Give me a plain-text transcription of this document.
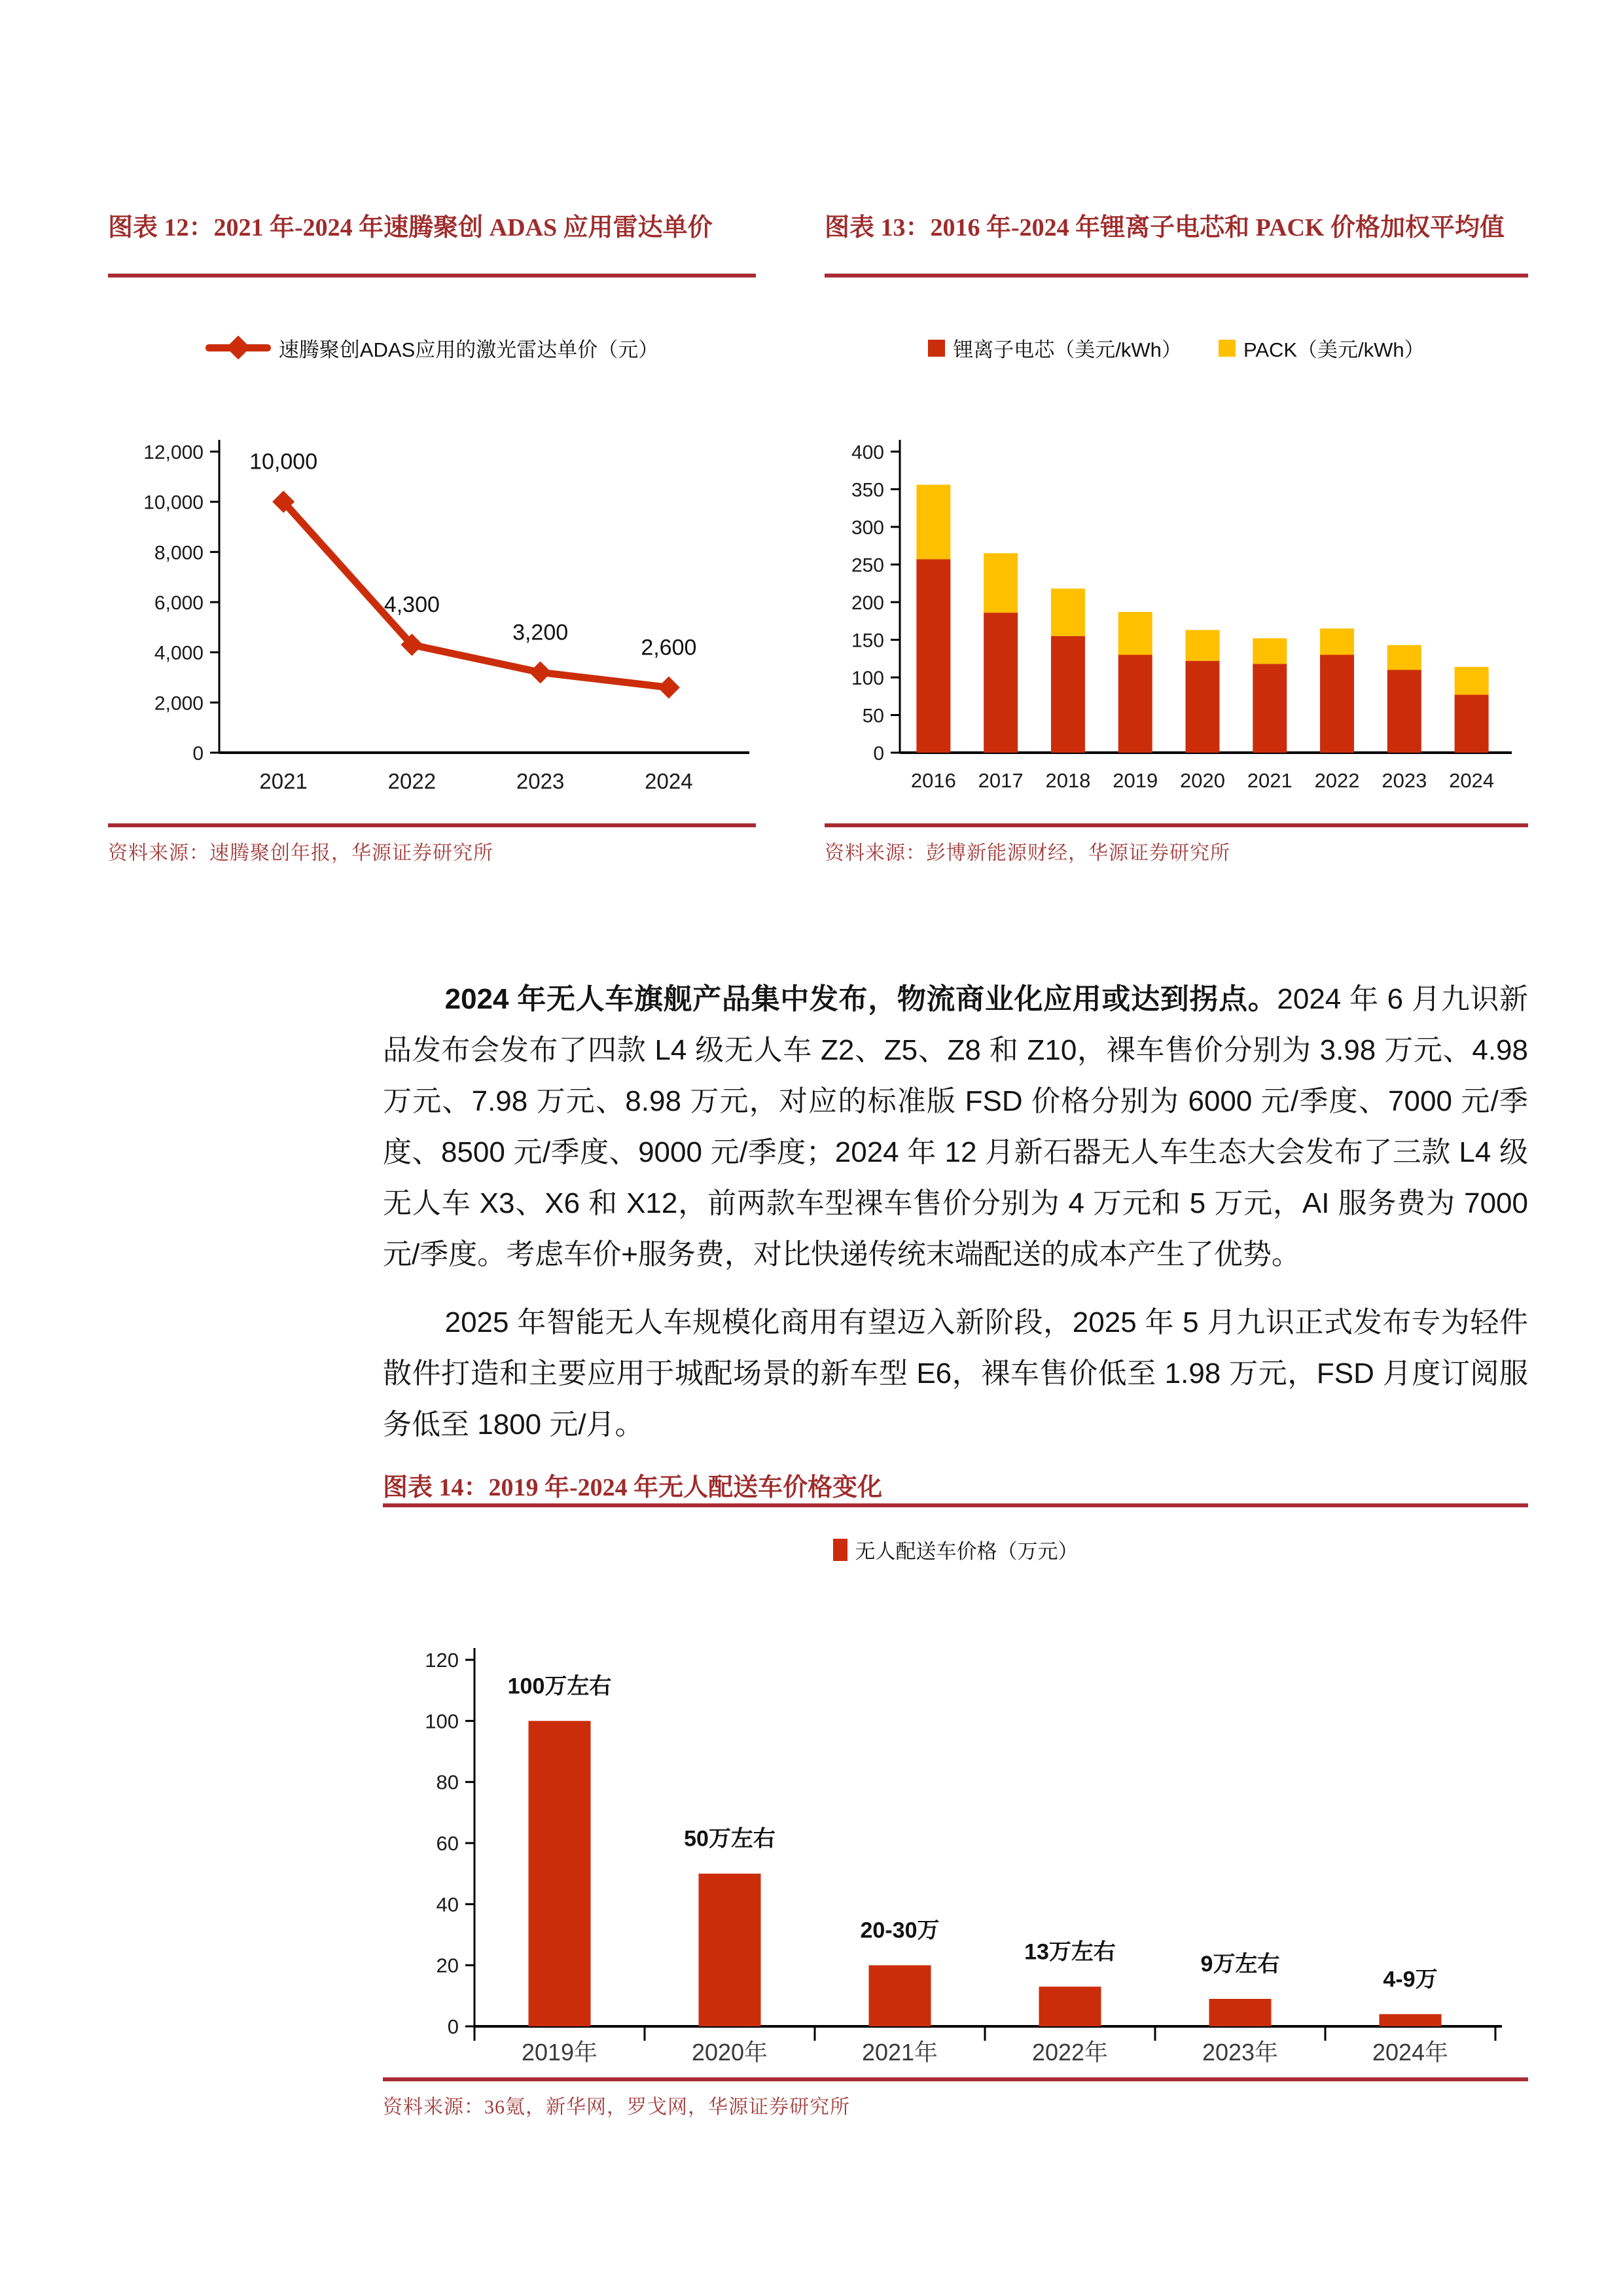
图表 12：2021 年-2024 年速腾聚创 ADAS 应用雷达单价
速腾聚创ADAS应用的激光雷达单价（元）
0
2,000
4,000
6,000
8,000
10,000
12,000
2021	2022	2023	2024
10,000
4,300
3,200
2,600
资料来源：速腾聚创年报，华源证券研究所
图表 13：2016 年-2024 年锂离子电芯和 PACK 价格加权平均值
锂离子电芯（美元/kWh）	PACK（美元/kWh）
0
50
100
150
200
250
300
350
400
2016 2017 2018 2019 2020 2021 2022 2023 2024
资料来源：彭博新能源财经，华源证券研究所

2024 年无人车旗舰产品集中发布，物流商业化应用或达到拐点。2024 年 6 月九识新品发布会发布了四款 L4 级无人车 Z2、Z5、Z8 和 Z10，裸车售价分别为 3.98 万元、4.98 万元、7.98 万元、8.98 万元，对应的标准版 FSD 价格分别为 6000 元/季度、7000 元/季度、8500 元/季度、9000 元/季度；2024 年 12 月新石器无人车生态大会发布了三款 L4 级无人车 X3、X6 和 X12，前两款车型裸车售价分别为 4 万元和 5 万元，AI 服务费为 7000 元/季度。考虑车价+服务费，对比快递传统末端配送的成本产生了优势。

2025 年智能无人车规模化商用有望迈入新阶段，2025 年 5 月九识正式发布专为轻件散件打造和主要应用于城配场景的新车型 E6，裸车售价低至 1.98 万元，FSD 月度订阅服务低至 1800 元/月。

图表 14：2019 年-2024 年无人配送车价格变化
无人配送车价格（万元）
0
20
40
60
80
100
120
2019年	2020年	2021年	2022年	2023年	2024年
100万左右
50万左右
20-30万
13万左右	9万左右
4-9万
资料来源：36氪，新华网，罗戈网，华源证券研究所
